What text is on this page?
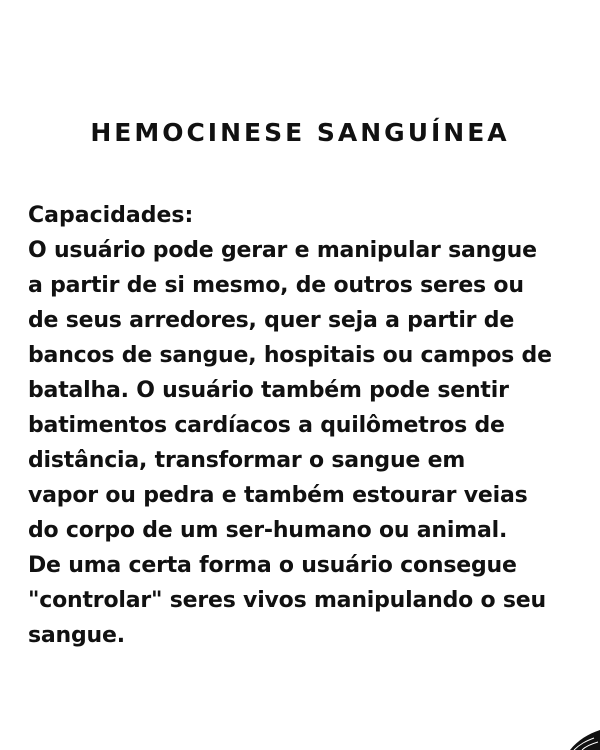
HEMOCINESE SANGUÍNEA
Capacidades:
O usuário pode gerar e manipular sangue
a partir de si mesmo, de outros seres ou
de seus arredores, quer seja a partir de
bancos de sangue, hospitais ou campos de
batalha. O usuário também pode sentir
batimentos cardíacos a quilômetros de
distância, transformar o sangue em
vapor ou pedra e também estourar veias
do corpo de um ser-humano ou animal.
De uma certa forma o usuário consegue
"controlar" seres vivos manipulando o seu
sangue.
